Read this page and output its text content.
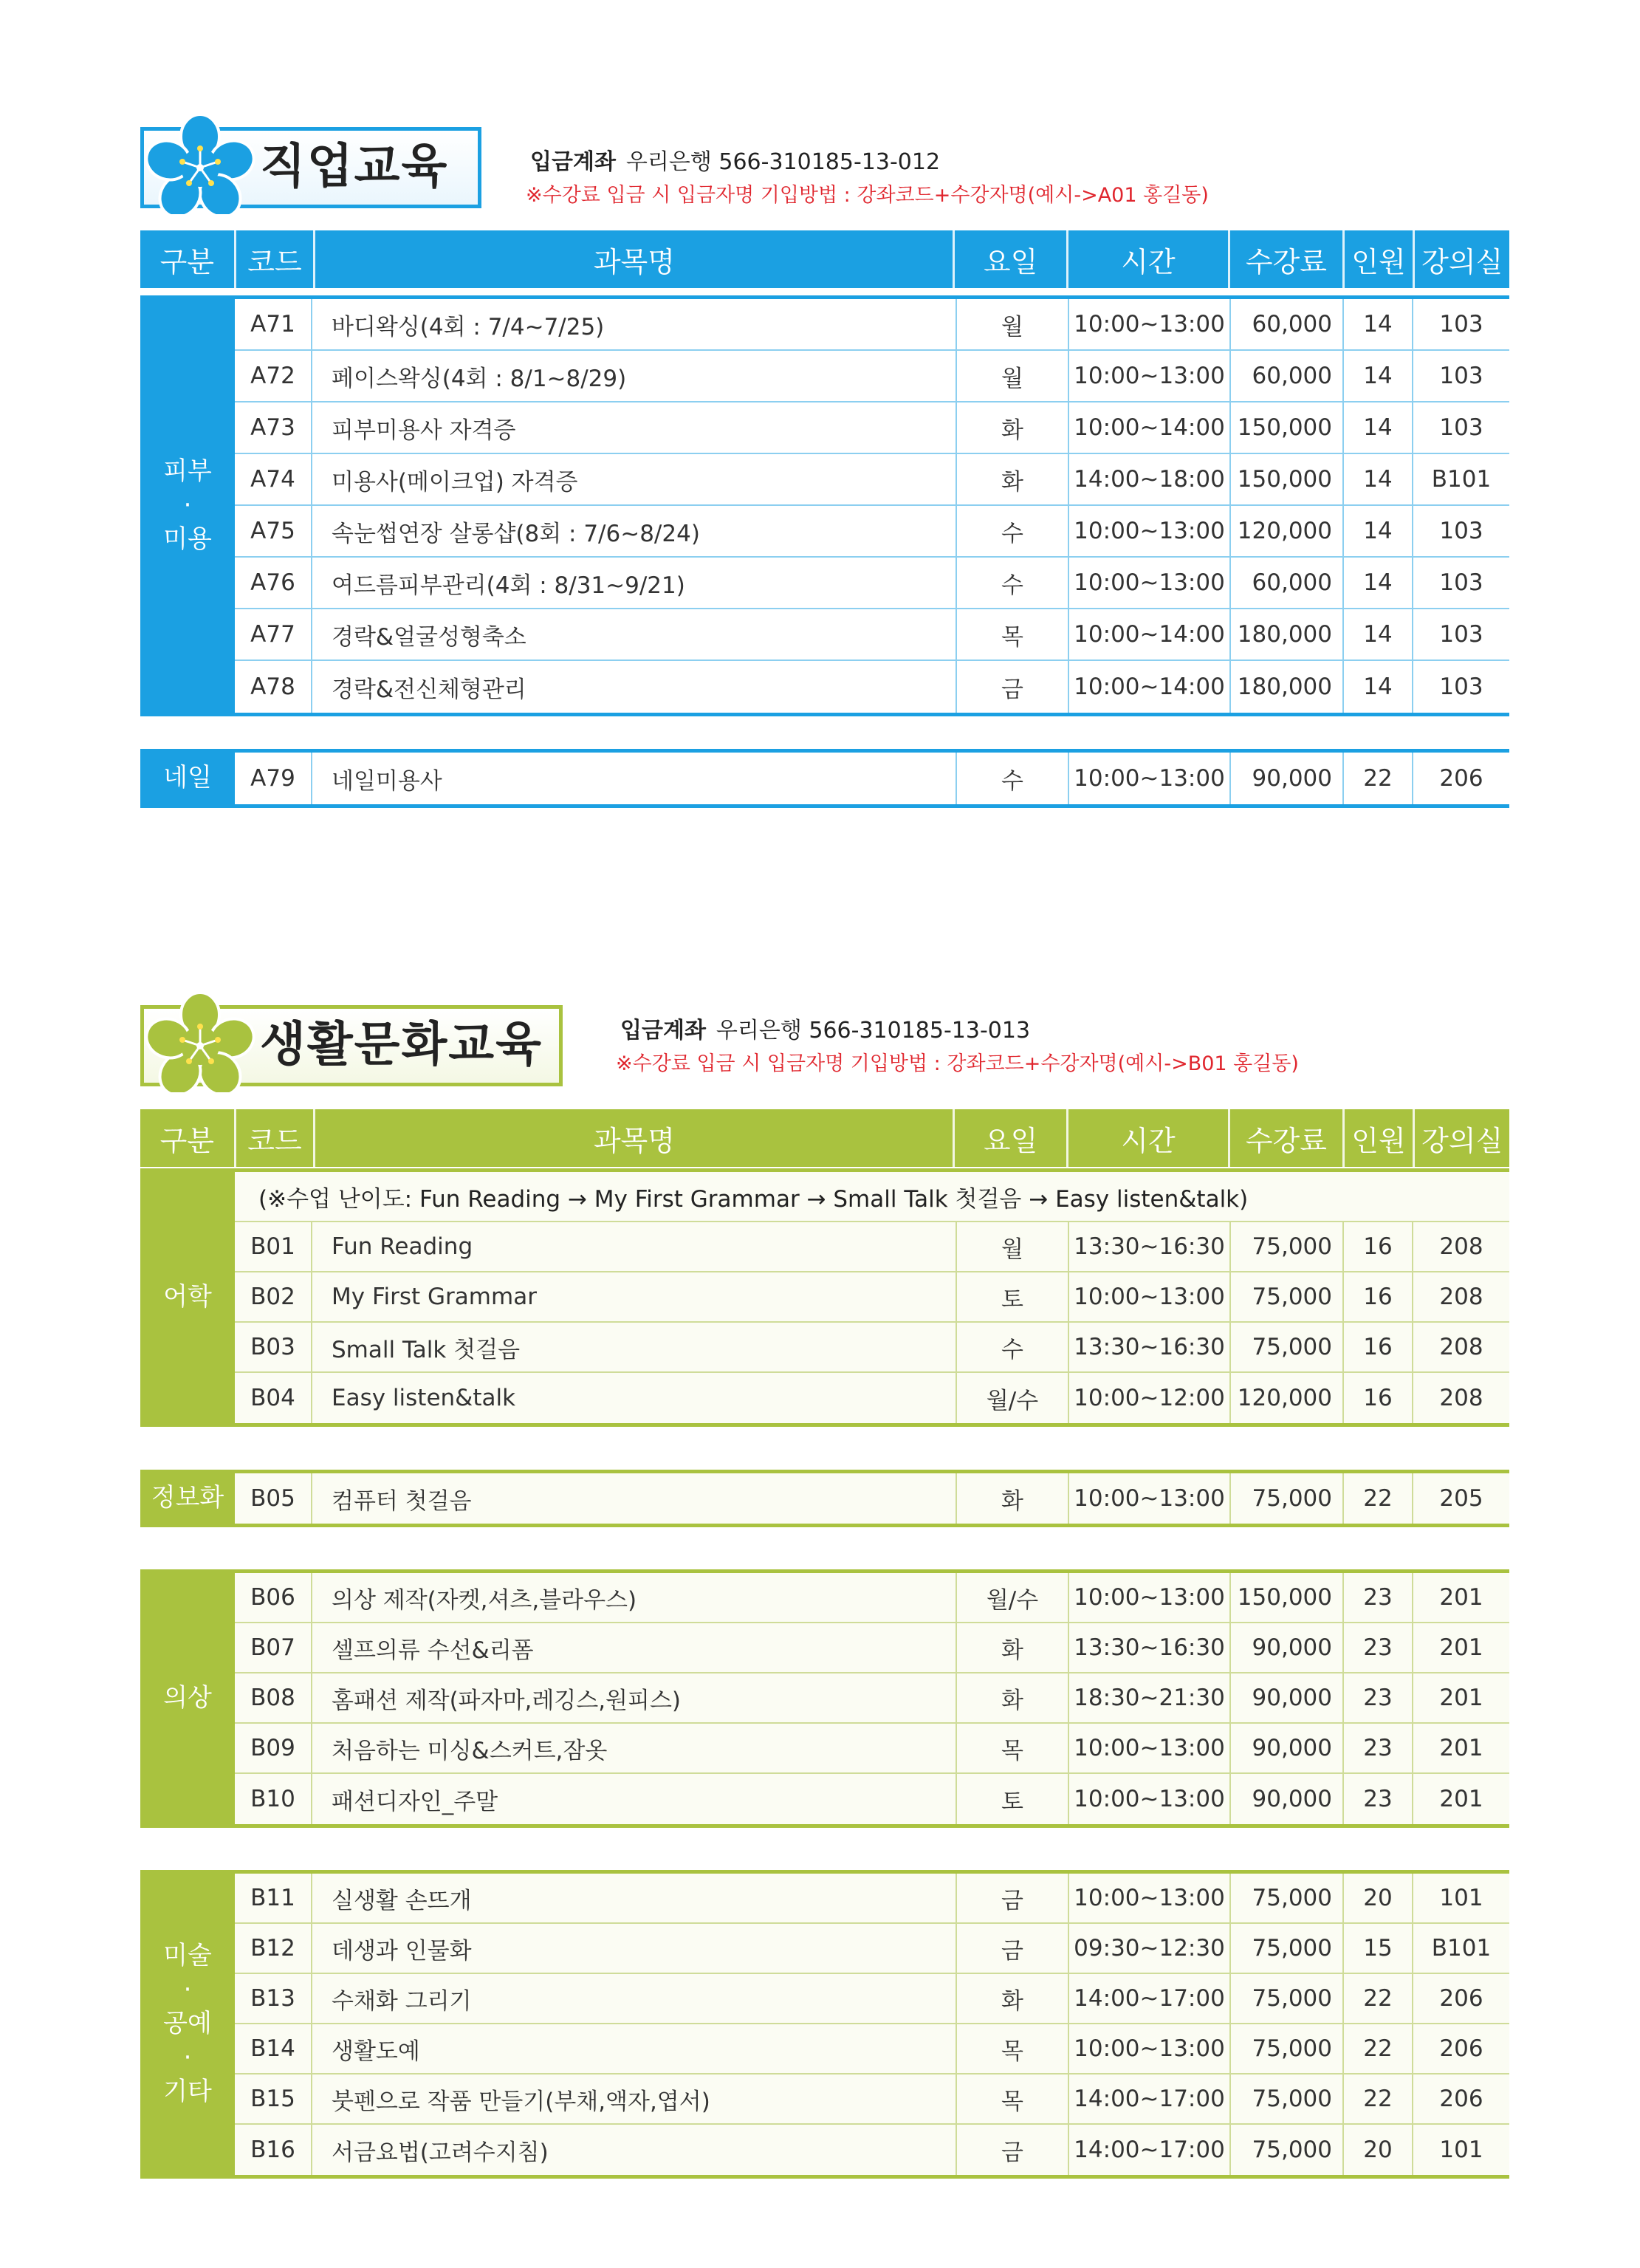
직업교육	입금계좌 우리은행 566-310185-13-012
※수강료 입금 시 입금자명 기입방법 : 강좌코드+수강자명(예시->A01 홍길동)
구분	코드	과목명	요일	시간	수강료 인원 강의실
피부
·
미용
A71	바디왁싱(4회 : 7/4~7/25)	월	10:00~13:00	60,000	14	103
A72	페이스왁싱(4회 : 8/1~8/29)	월	10:00~13:00	60,000	14	103
A73	피부미용사 자격증	화	10:00~14:00 150,000	14	103
A74	미용사(메이크업) 자격증	화	14:00~18:00 150,000	14	B101
A75	속눈썹연장 살롱샵(8회 : 7/6~8/24)	수	10:00~13:00 120,000	14	103
A76	여드름피부관리(4회 : 8/31~9/21)	수	10:00~13:00	60,000	14	103
A77	경락&얼굴성형축소	목	10:00~14:00 180,000	14	103
A78	경락&전신체형관리	금	10:00~14:00 180,000	14	103
네일	A79	네일미용사	수	10:00~13:00	90,000	22	206
생활문화교육	입금계좌 우리은행 566-310185-13-013
※수강료 입금 시 입금자명 기입방법 : 강좌코드+수강자명(예시->B01 홍길동)
구분	코드	과목명	요일	시간	수강료 인원 강의실
어학
(※수업 난이도: Fun Reading → My First Grammar → Small Talk 첫걸음 → Easy listen&talk)
B01	Fun Reading	월	13:30~16:30	75,000	16	208
B02	My First Grammar	토	10:00~13:00	75,000	16	208
B03	Small Talk 첫걸음	수	13:30~16:30	75,000	16	208
B04	Easy listen&talk	월/수	10:00~12:00 120,000	16	208
정보화	B05	컴퓨터 첫걸음	화	10:00~13:00	75,000	22	205
의상
B06	의상 제작(자켓,셔츠,블라우스)	월/수	10:00~13:00 150,000	23	201
B07	셀프의류 수선&리폼	화	13:30~16:30	90,000	23	201
B08	홈패션 제작(파자마,레깅스,원피스)	화	18:30~21:30	90,000	23	201
B09	처음하는 미싱&스커트,잠옷	목	10:00~13:00	90,000	23	201
B10	패션디자인_주말	토	10:00~13:00	90,000	23	201
미술
·
공예
·
기타
B11	실생활 손뜨개	금	10:00~13:00	75,000	20	101
B12	데생과 인물화	금	09:30~12:30	75,000	15	B101
B13	수채화 그리기	화	14:00~17:00	75,000	22	206
B14	생활도예	목	10:00~13:00	75,000	22	206
B15	붓펜으로 작품 만들기(부채,액자,엽서)	목	14:00~17:00	75,000	22	206
B16	서금요법(고려수지침)	금	14:00~17:00	75,000	20	101
